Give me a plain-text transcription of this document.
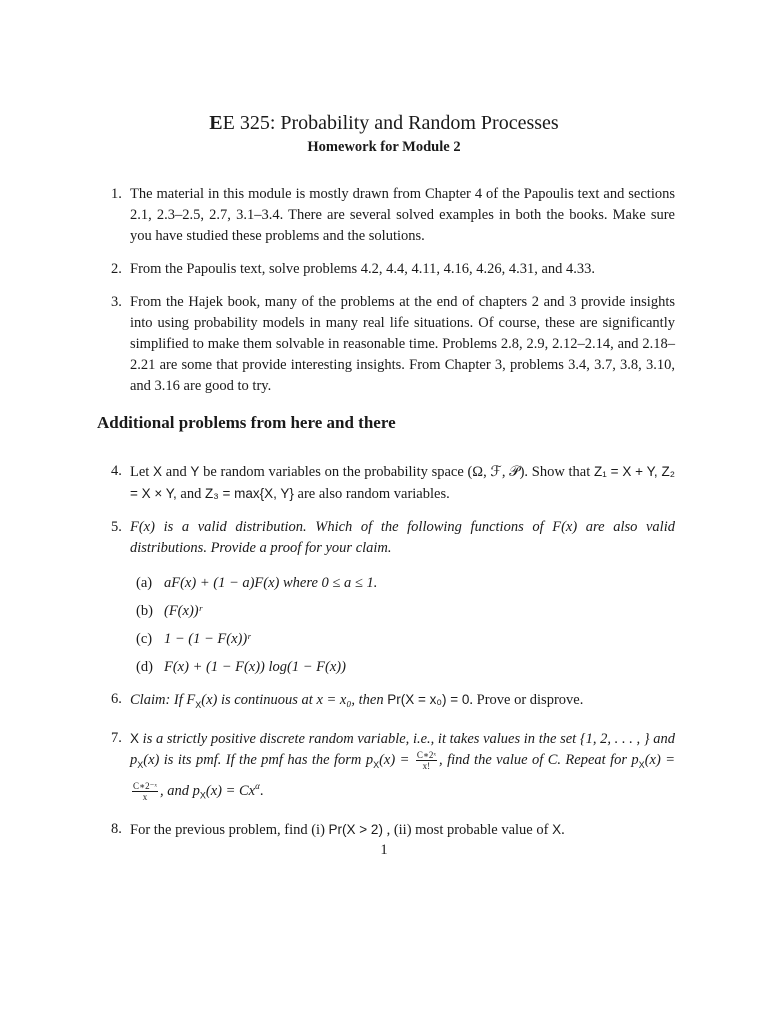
EE 325: Probability and Random Processes
Homework for Module 2
1. The material in this module is mostly drawn from Chapter 4 of the Papoulis text and sections 2.1, 2.3–2.5, 2.7, 3.1–3.4. There are several solved examples in both the books. Make sure you have studied these problems and the solutions.
2. From the Papoulis text, solve problems 4.2, 4.4, 4.11, 4.16, 4.26, 4.31, and 4.33.
3. From the Hajek book, many of the problems at the end of chapters 2 and 3 provide insights into using probability models in many real life situations. Of course, these are significantly simplified to make them solvable in reasonable time. Problems 2.8, 2.9, 2.12–2.14, and 2.18–2.21 are some that provide interesting insights. From Chapter 3, problems 3.4, 3.7, 3.8, 3.10, and 3.16 are good to try.
Additional problems from here and there
4. Let X and Y be random variables on the probability space (Ω, ℱ, 𝒫). Show that Z₁ = X + Y, Z₂ = X × Y, and Z₃ = max{X, Y} are also random variables.
5. F(x) is a valid distribution. Which of the following functions of F(x) are also valid distributions. Provide a proof for your claim.
(a) aF(x) + (1 − a)F(x) where 0 ≤ a ≤ 1.
(b) (F(x))ʳ
(c) 1 − (1 − F(x))ʳ
(d) F(x) + (1 − F(x)) log(1 − F(x))
6. Claim: If $F_X(x)$ is continuous at x = x₀, then Pr(X = x₀) = 0. Prove or disprove.
7. X is a strictly positive discrete random variable, i.e., it takes values in the set {1, 2, . . . , } and $p_X(x)$ is its pmf. If the pmf has the form $p_X(x) = \frac{\text{C∗2ˣ}}{x!}$ , find the value of C. Repeat for $p_X(x)$ =
$\frac{\text{C∗2⁻ˣ}}{x}$ , and $p_X(x) = Cx^\alpha$.
8. For the previous problem, find (i) Pr(X > 2) , (ii) most probable value of X.
1
